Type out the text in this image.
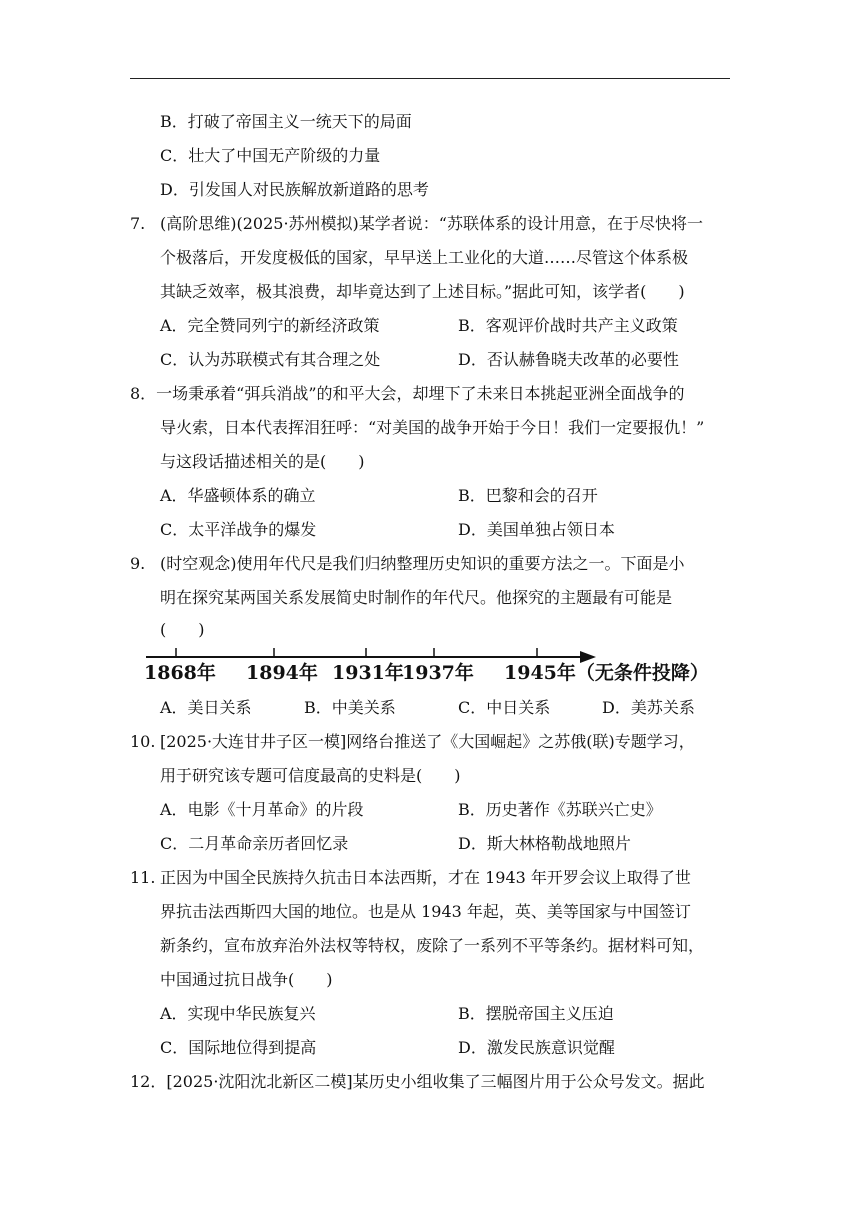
B．打破了帝国主义一统天下的局面
C．壮大了中国无产阶级的力量
D．引发国人对民族解放新道路的思考
7. (高阶思维)(2025·苏州模拟)某学者说：“苏联体系的设计用意，在于尽快将一
个极落后，开发度极低的国家，早早送上工业化的大道……尽管这个体系极
其缺乏效率，极其浪费，却毕竟达到了上述目标。”据此可知，该学者(　　)
A．完全赞同列宁的新经济政策	B．客观评价战时共产主义政策
C．认为苏联模式有其合理之处	D．否认赫鲁晓夫改革的必要性
8．一场秉承着“弭兵消战”的和平大会，却埋下了未来日本挑起亚洲全面战争的
导火索，日本代表挥泪狂呼：“对美国的战争开始于今日！我们一定要报仇！”
与这段话描述相关的是(　　)
A．华盛顿体系的确立	B．巴黎和会的召开
C．太平洋战争的爆发	D．美国单独占领日本
9. (时空观念)使用年代尺是我们归纳整理历史知识的重要方法之一。下面是小
明在探究某两国关系发展简史时制作的年代尺。他探究的主题最有可能是
(　　)
1868年 1894年 1931年
1937年 1945年（无条件投降）
A．美日关系	B．中美关系	C．中日关系	D．美苏关系
10. [2025·大连甘井子区一模]网络台推送了《大国崛起》之苏俄(联)专题学习，
用于研究该专题可信度最高的史料是(　　)
A．电影《十月革命》的片段	B．历史著作《苏联兴亡史》
C．二月革命亲历者回忆录	D．斯大林格勒战地照片
11. 正因为中国全民族持久抗击日本法西斯，才在 1943 年开罗会议上取得了世
界抗击法西斯四大国的地位。也是从 1943 年起，英、美等国家与中国签订
新条约，宣布放弃治外法权等特权，废除了一系列不平等条约。据材料可知，
中国通过抗日战争(　　)
A．实现中华民族复兴	B．摆脱帝国主义压迫
C．国际地位得到提高	D．激发民族意识觉醒
12．[2025·沈阳沈北新区二模]某历史小组收集了三幅图片用于公众号发文。据此
